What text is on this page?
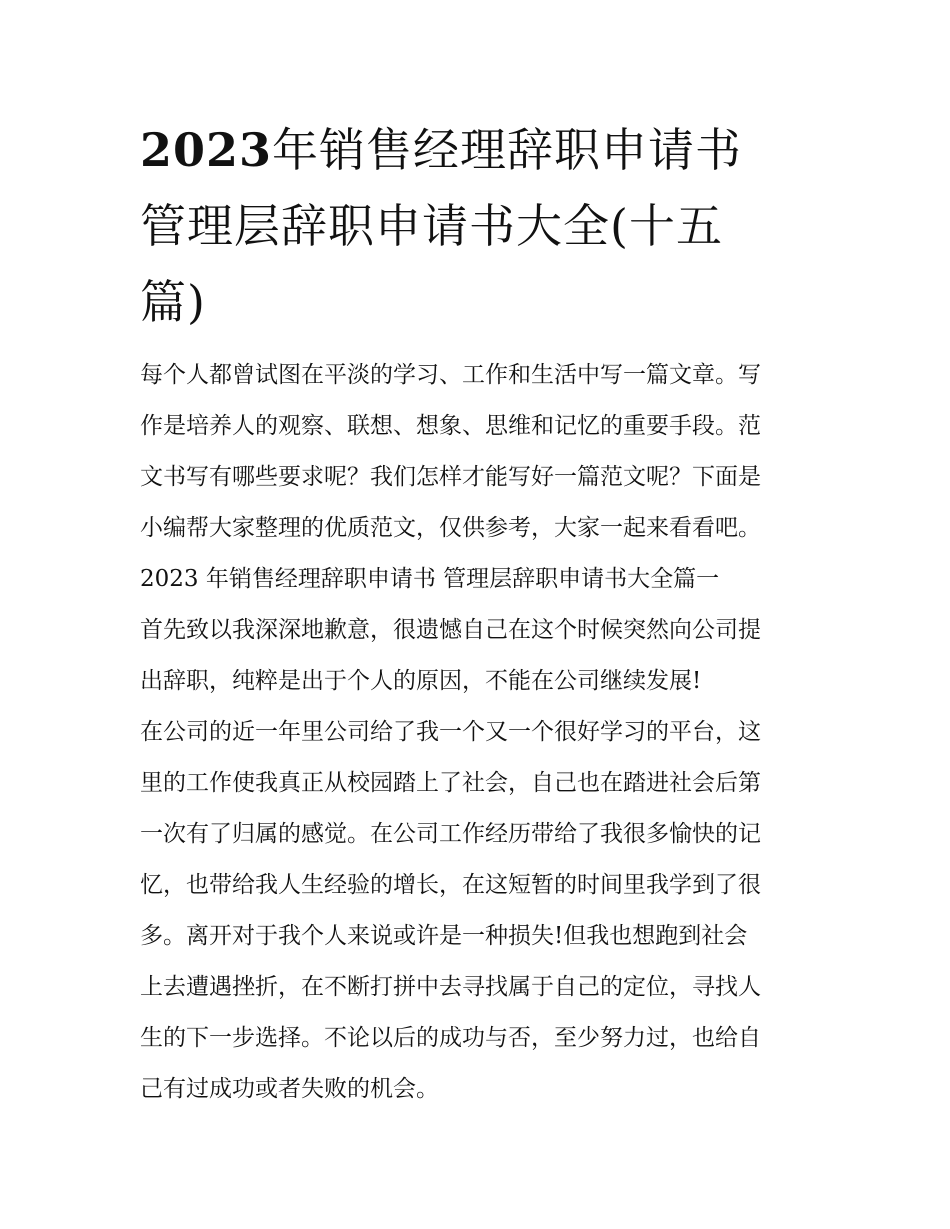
2023年销售经理辞职申请书
管理层辞职申请书大全(十五
篇)
每个人都曾试图在平淡的学习、工作和生活中写一篇文章。写
作是培养人的观察、联想、想象、思维和记忆的重要手段。范
文书写有哪些要求呢？我们怎样才能写好一篇范文呢？下面是
小编帮大家整理的优质范文，仅供参考，大家一起来看看吧。
2023 年销售经理辞职申请书 管理层辞职申请书大全篇一
首先致以我深深地歉意，很遗憾自己在这个时候突然向公司提
出辞职，纯粹是出于个人的原因，不能在公司继续发展!
在公司的近一年里公司给了我一个又一个很好学习的平台，这
里的工作使我真正从校园踏上了社会，自己也在踏进社会后第
一次有了归属的感觉。在公司工作经历带给了我很多愉快的记
忆，也带给我人生经验的增长，在这短暂的时间里我学到了很
多。离开对于我个人来说或许是一种损失!但我也想跑到社会
上去遭遇挫折，在不断打拼中去寻找属于自己的定位，寻找人
生的下一步选择。不论以后的成功与否，至少努力过，也给自
己有过成功或者失败的机会。
